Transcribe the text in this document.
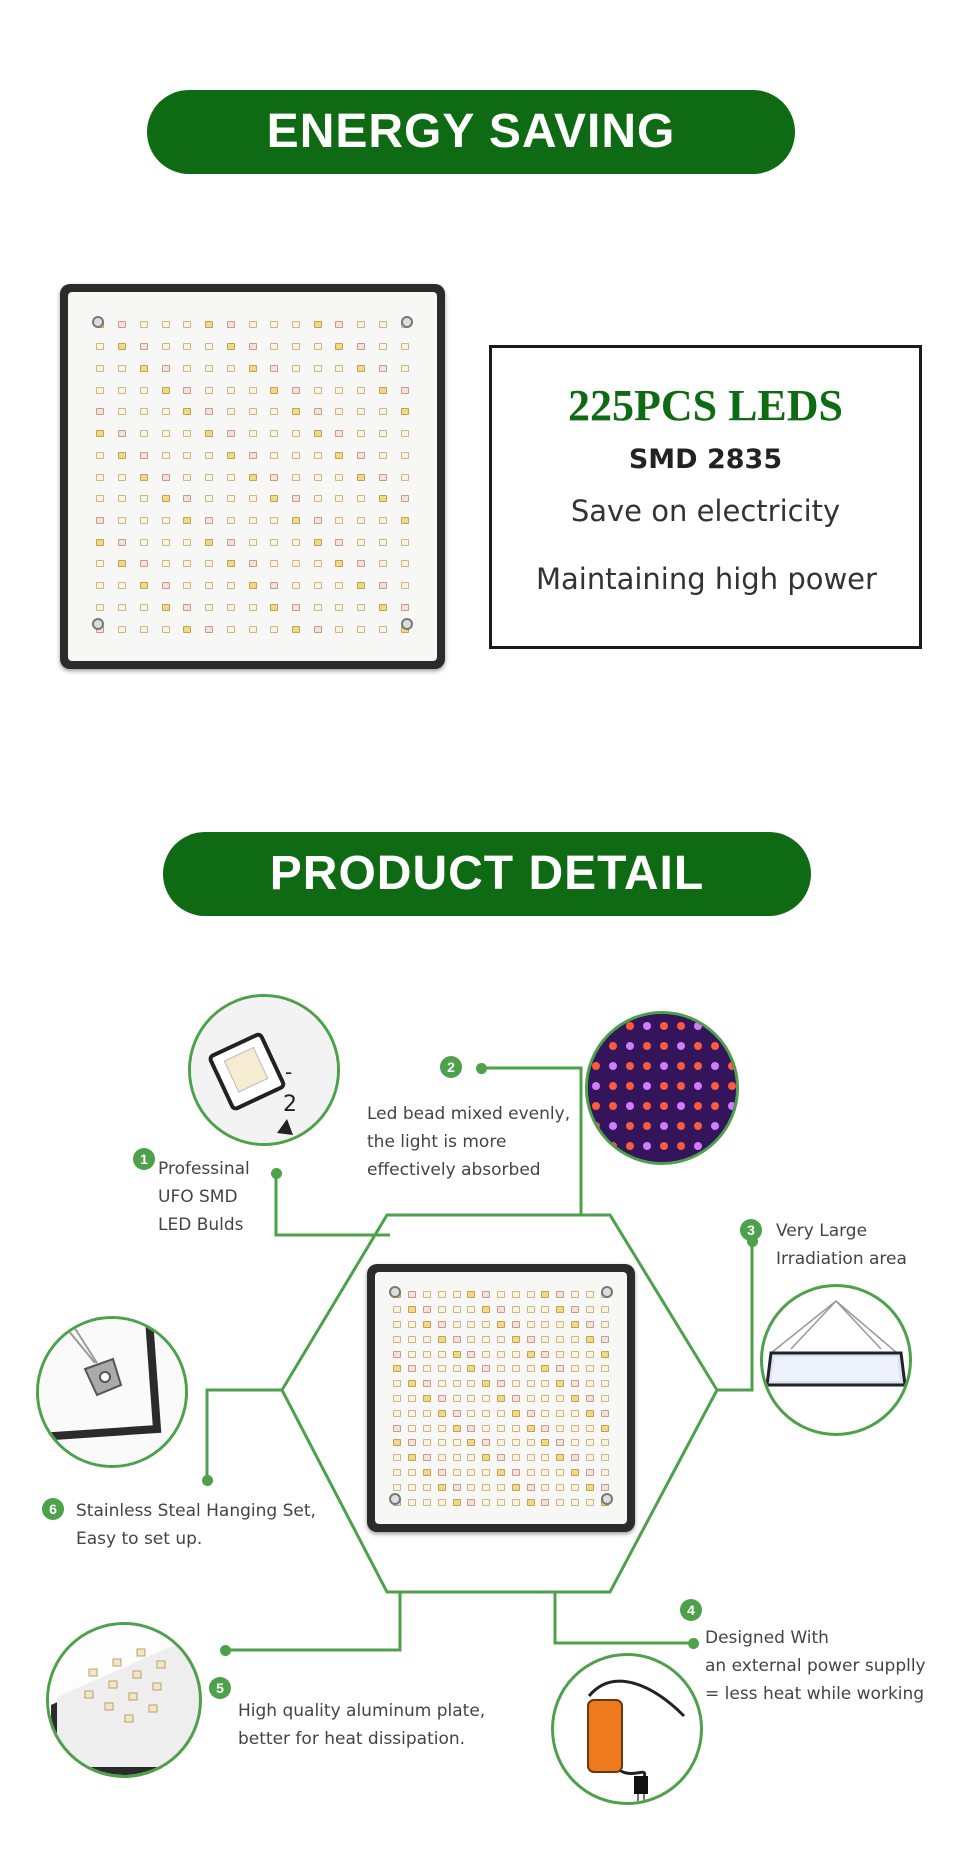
ENERGY SAVING
225PCS LEDS
SMD 2835
Save on electricity
Maintaining high power
PRODUCT DETAIL
-
2
1 Professinal
UFO SMD
LED Bulds
2
Led bead mixed evenly,
the light is more
effectively absorbed
3	Very Large
Irradiation area
4
Designed With
an external power supplly
= less heat while working
5
High quality aluminum plate,
better for heat dissipation.
6	Stainless Steal Hanging Set,
Easy to set up.
